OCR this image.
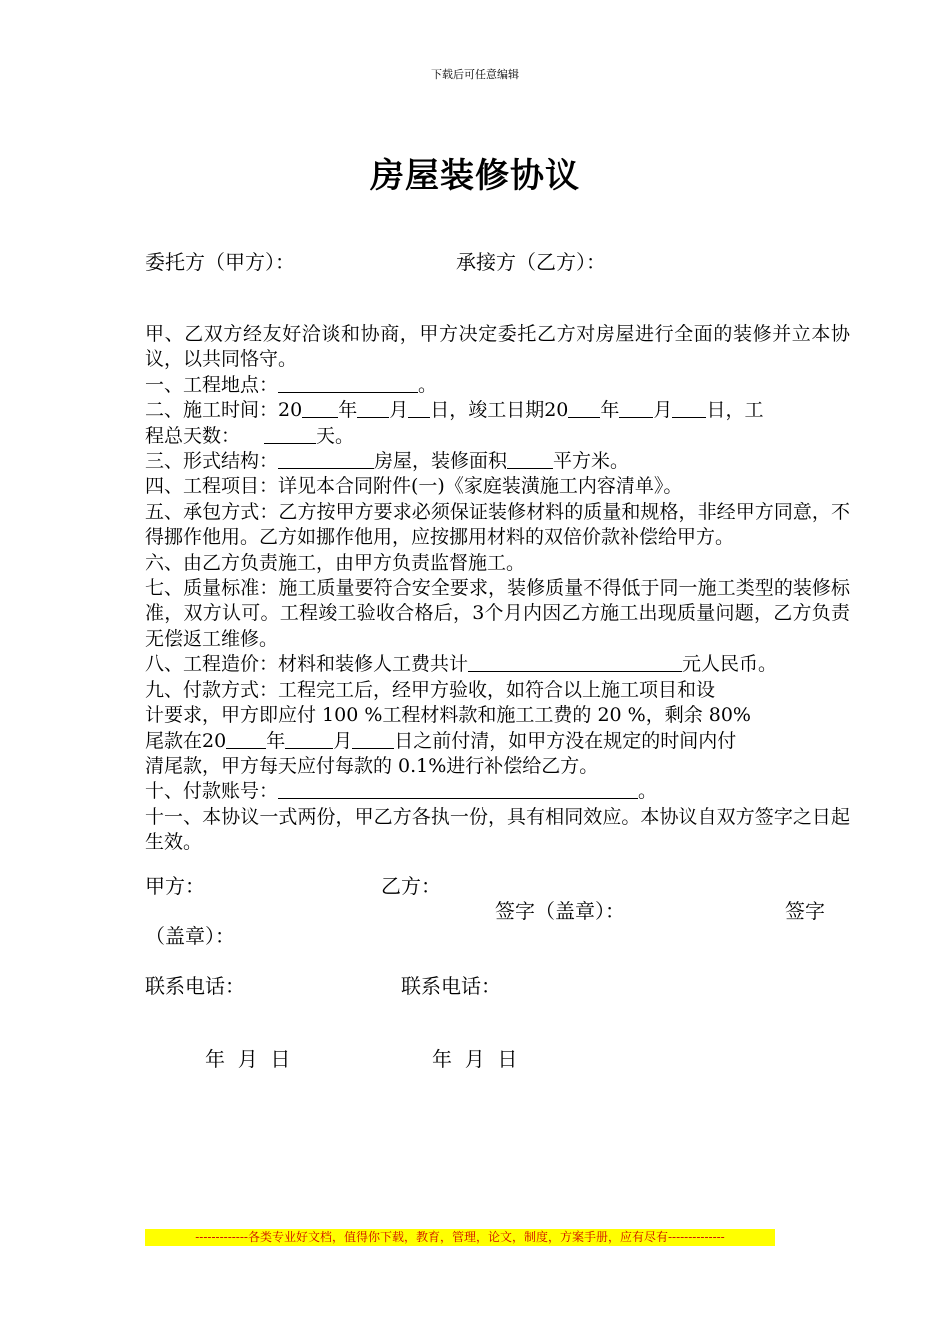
下载后可任意编辑
房屋装修协议
委托方（甲方）：	承接方（乙方）：

甲、乙双方经友好洽谈和协商，甲方决定委托乙方对房屋进行全面的装修并立本协议，以共同恪守。

一、工程地点：	。

二、施工时间：20 年 月 日，竣工日期20 年 月 日，工

程总天数：	天。

三、形式结构：	房屋，装修面积 平方米。

四、工程项目：详见本合同附件(一)《家庭装潢施工内容清单》。

五、承包方式：乙方按甲方要求必须保证装修材料的质量和规格，非经甲方同意，不得挪作他用。乙方如挪作他用，应按挪用材料的双倍价款补偿给甲方。

六、由乙方负责施工，由甲方负责监督施工。

七、质量标准：施工质量要符合安全要求，装修质量不得低于同一施工类型的装修标准，双方认可。工程竣工验收合格后，3个月内因乙方施工出现质量问题，乙方负责无偿返工维修。

八、工程造价：材料和装修人工费共计	元人民币。

九、付款方式：工程完工后，经甲方验收，如符合以上施工项目和设

计要求，甲方即应付 100 %工程材料款和施工工费的 20 %，剩余 80%

尾款在20 年	月 日之前付清，如甲方没在规定的时间内付

清尾款，甲方每天应付每款的 0.1%进行补偿给乙方。

十、付款账号：	。

十一、本协议一式两份，甲乙方各执一份，具有相同效应。本协议自双方签字之日起生效。

甲方：	乙方：
签字（盖章）：	签字
（盖章）：
联系电话：	联系电话：
年  月  日	年  月  日
-------------各类专业好文档，值得你下载，教育，管理，论文，制度，方案手册，应有尽有--------------
